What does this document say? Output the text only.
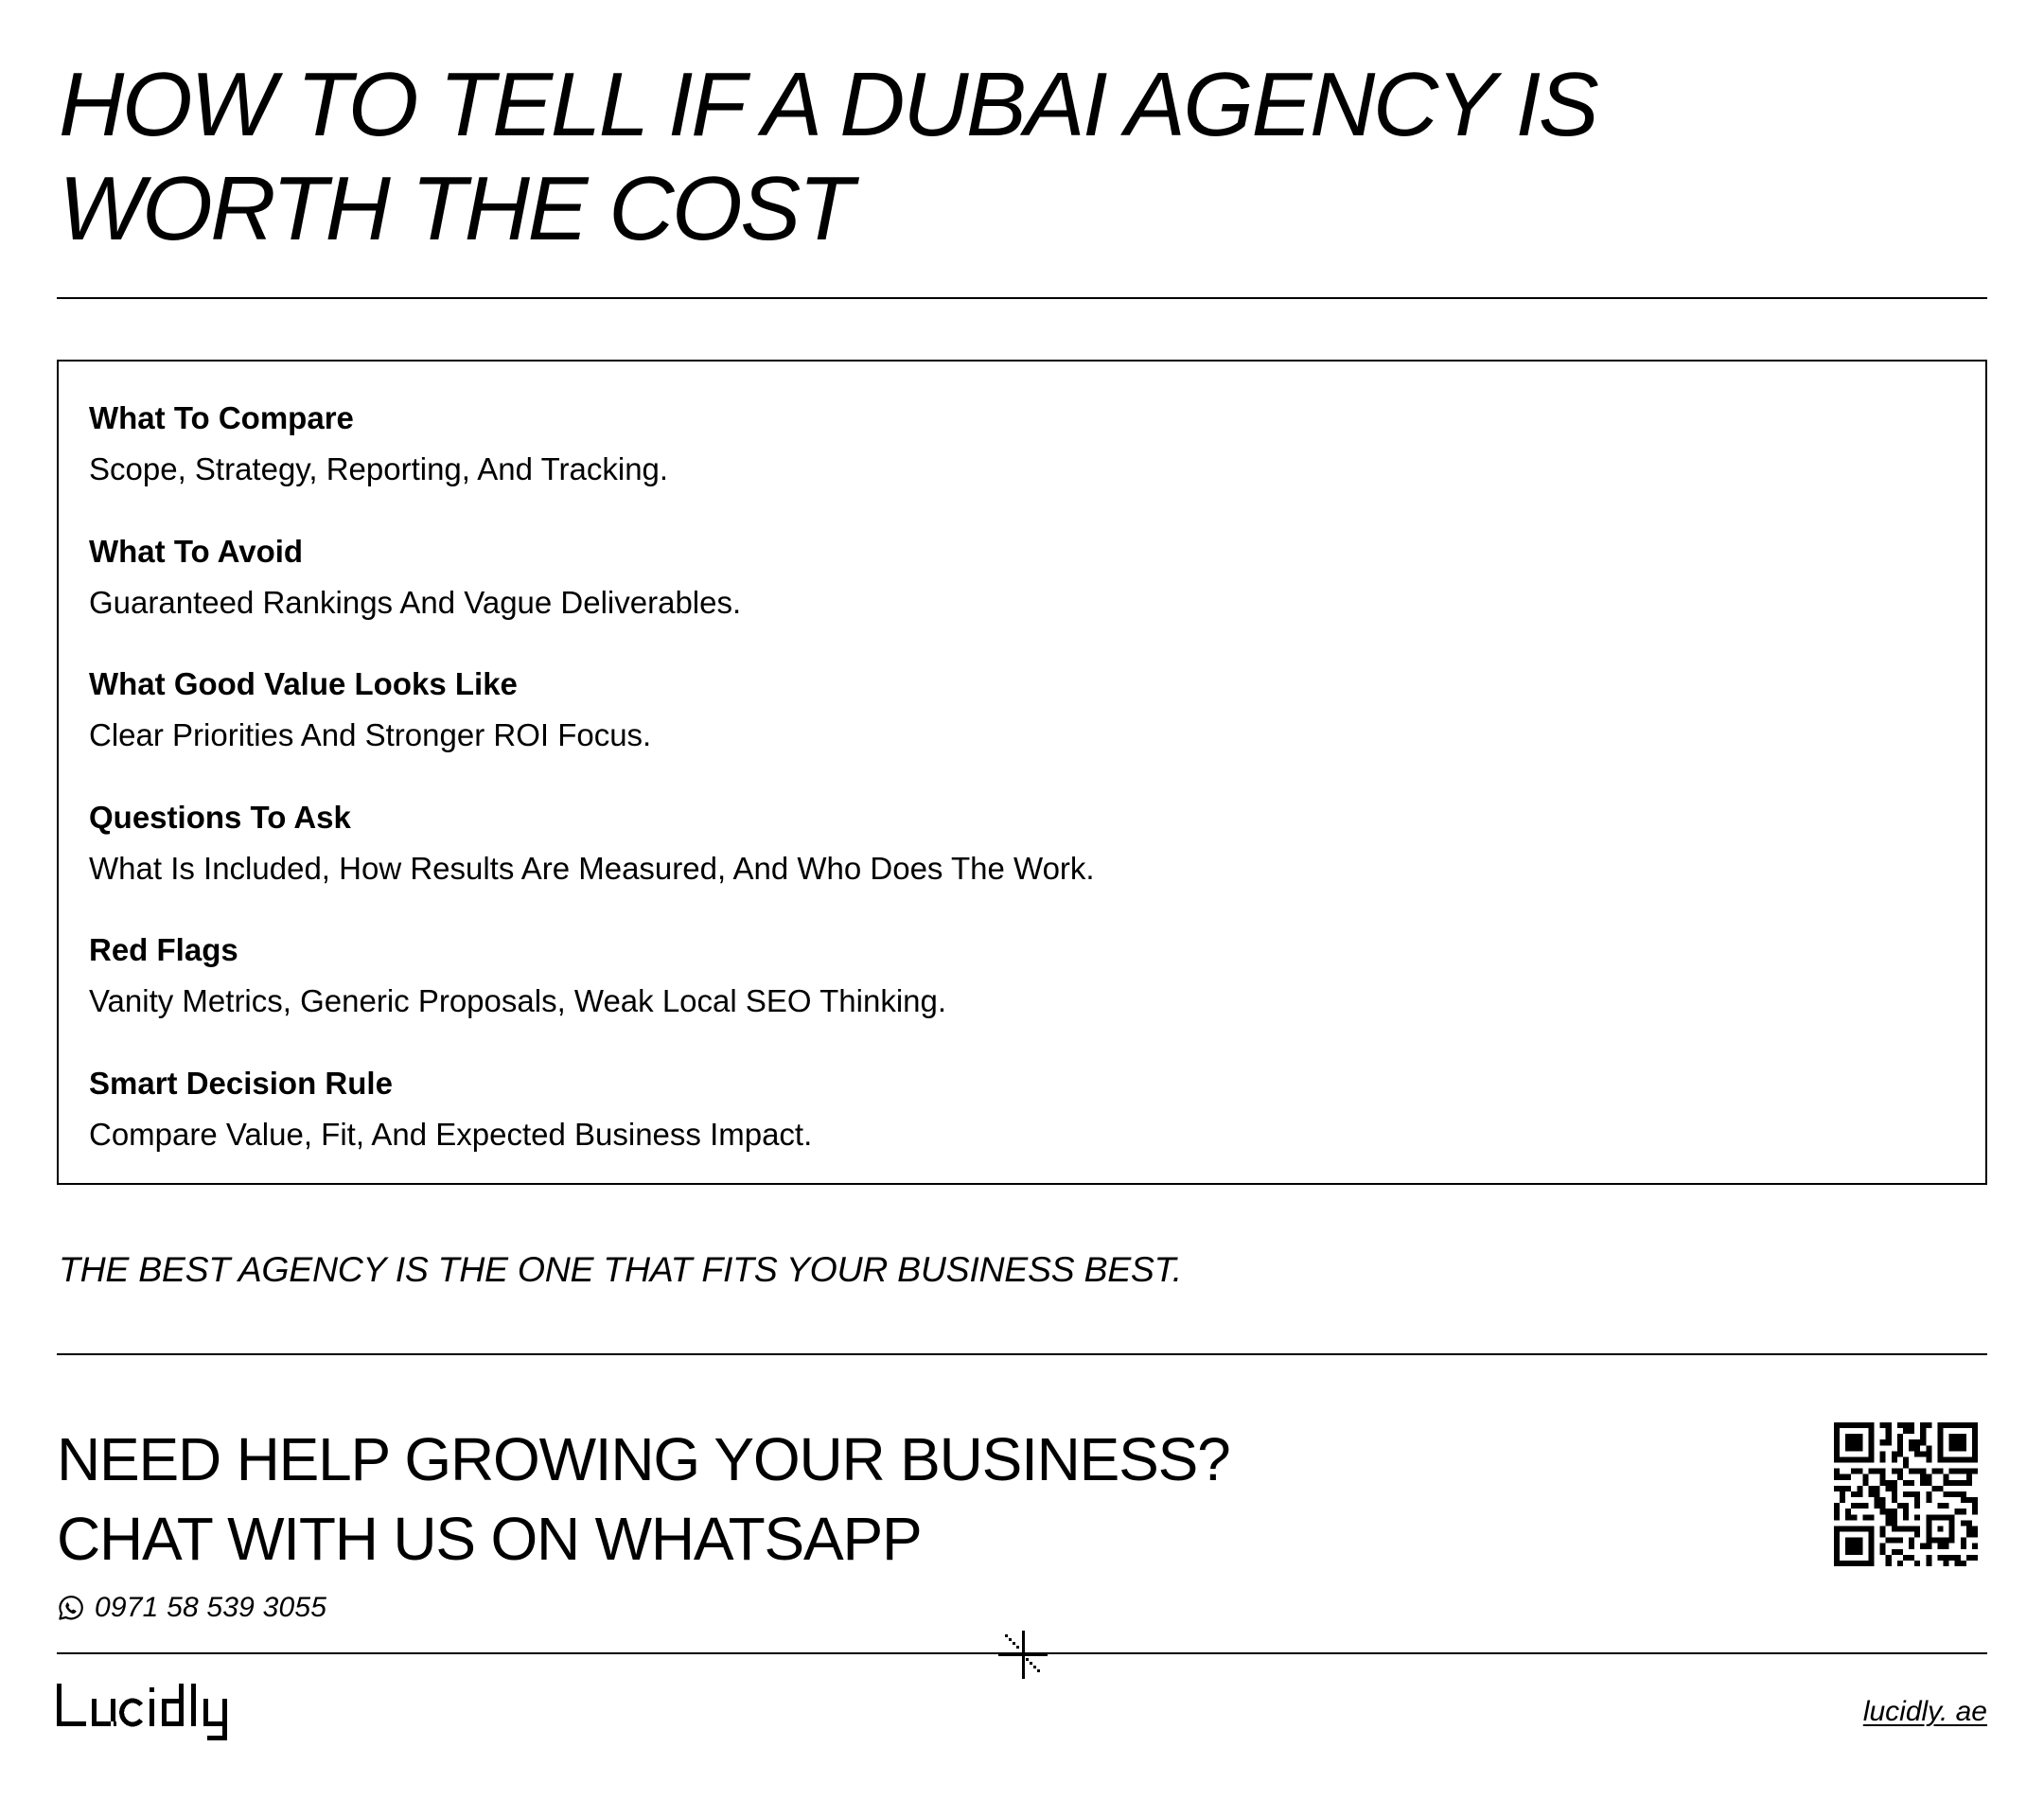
HOW TO TELL IF A DUBAI AGENCY IS
WORTH THE COST
What To Compare
Scope, Strategy, Reporting, And Tracking.
What To Avoid
Guaranteed Rankings And Vague Deliverables.
What Good Value Looks Like
Clear Priorities And Stronger ROI Focus.
Questions To Ask
What Is Included, How Results Are Measured, And Who Does The Work.
Red Flags
Vanity Metrics, Generic Proposals, Weak Local SEO Thinking.
Smart Decision Rule
Compare Value, Fit, And Expected Business Impact.

THE BEST AGENCY IS THE ONE THAT FITS YOUR BUSINESS BEST.

NEED HELP GROWING YOUR BUSINESS?
CHAT WITH US ON WHATSAPP
0971 58 539 3055
lucidly. ae
